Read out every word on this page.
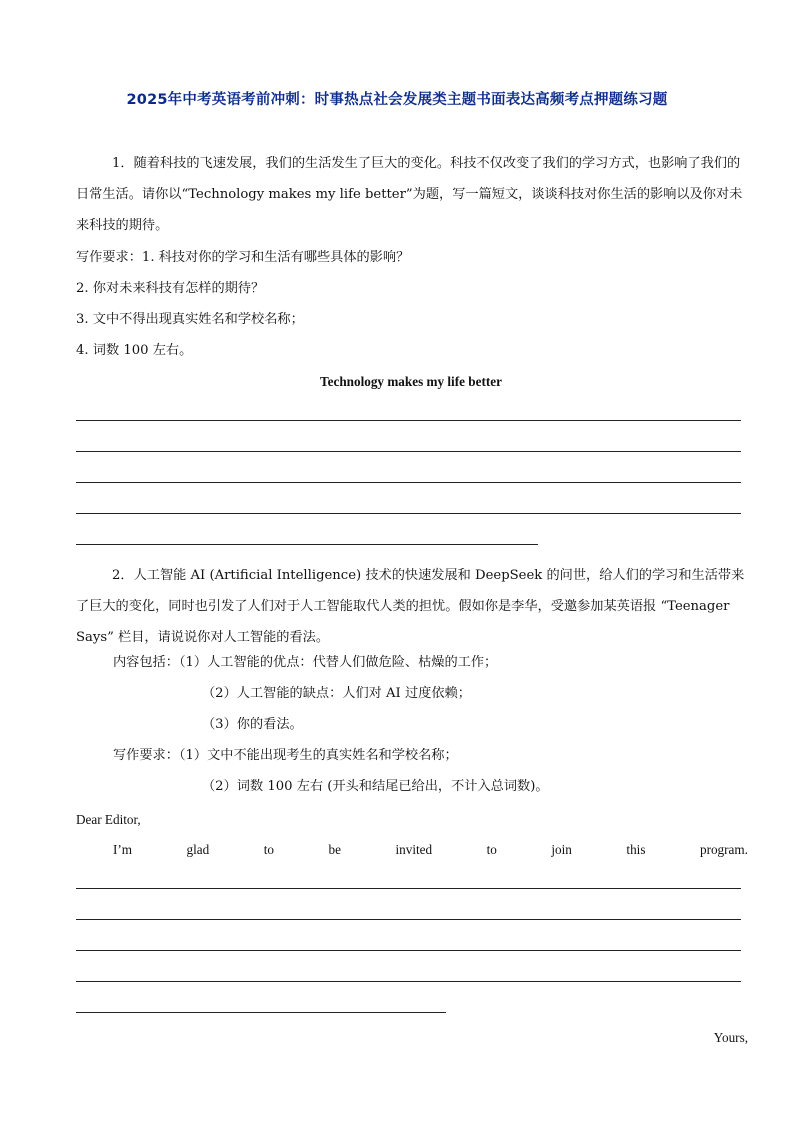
2025年中考英语考前冲刺：时事热点社会发展类主题书面表达高频考点押题练习题
1．随着科技的飞速发展，我们的生活发生了巨大的变化。科技不仅改变了我们的学习方式，也影响了我们的日常生活。请你以“Technology makes my life better”为题，写一篇短文，谈谈科技对你生活的影响以及你对未来科技的期待。
写作要求：1. 科技对你的学习和生活有哪些具体的影响？
2. 你对未来科技有怎样的期待？
3. 文中不得出现真实姓名和学校名称；
4. 词数 100 左右。
Technology makes my life better
2．人工智能 AI (Artificial Intelligence) 技术的快速发展和 DeepSeek 的问世，给人们的学习和生活带来了巨大的变化，同时也引发了人们对于人工智能取代人类的担忧。假如你是李华，受邀参加某英语报 “Teenager Says” 栏目，请说说你对人工智能的看法。
内容包括：（1）人工智能的优点：代替人们做危险、枯燥的工作；
（2）人工智能的缺点：人们对 AI 过度依赖；
（3）你的看法。
写作要求：（1）文中不能出现考生的真实姓名和学校名称；
（2）词数 100 左右 (开头和结尾已给出，不计入总词数)。
Dear Editor,
I’m	glad	to	be	invited	to	join	this	program.
Yours,
